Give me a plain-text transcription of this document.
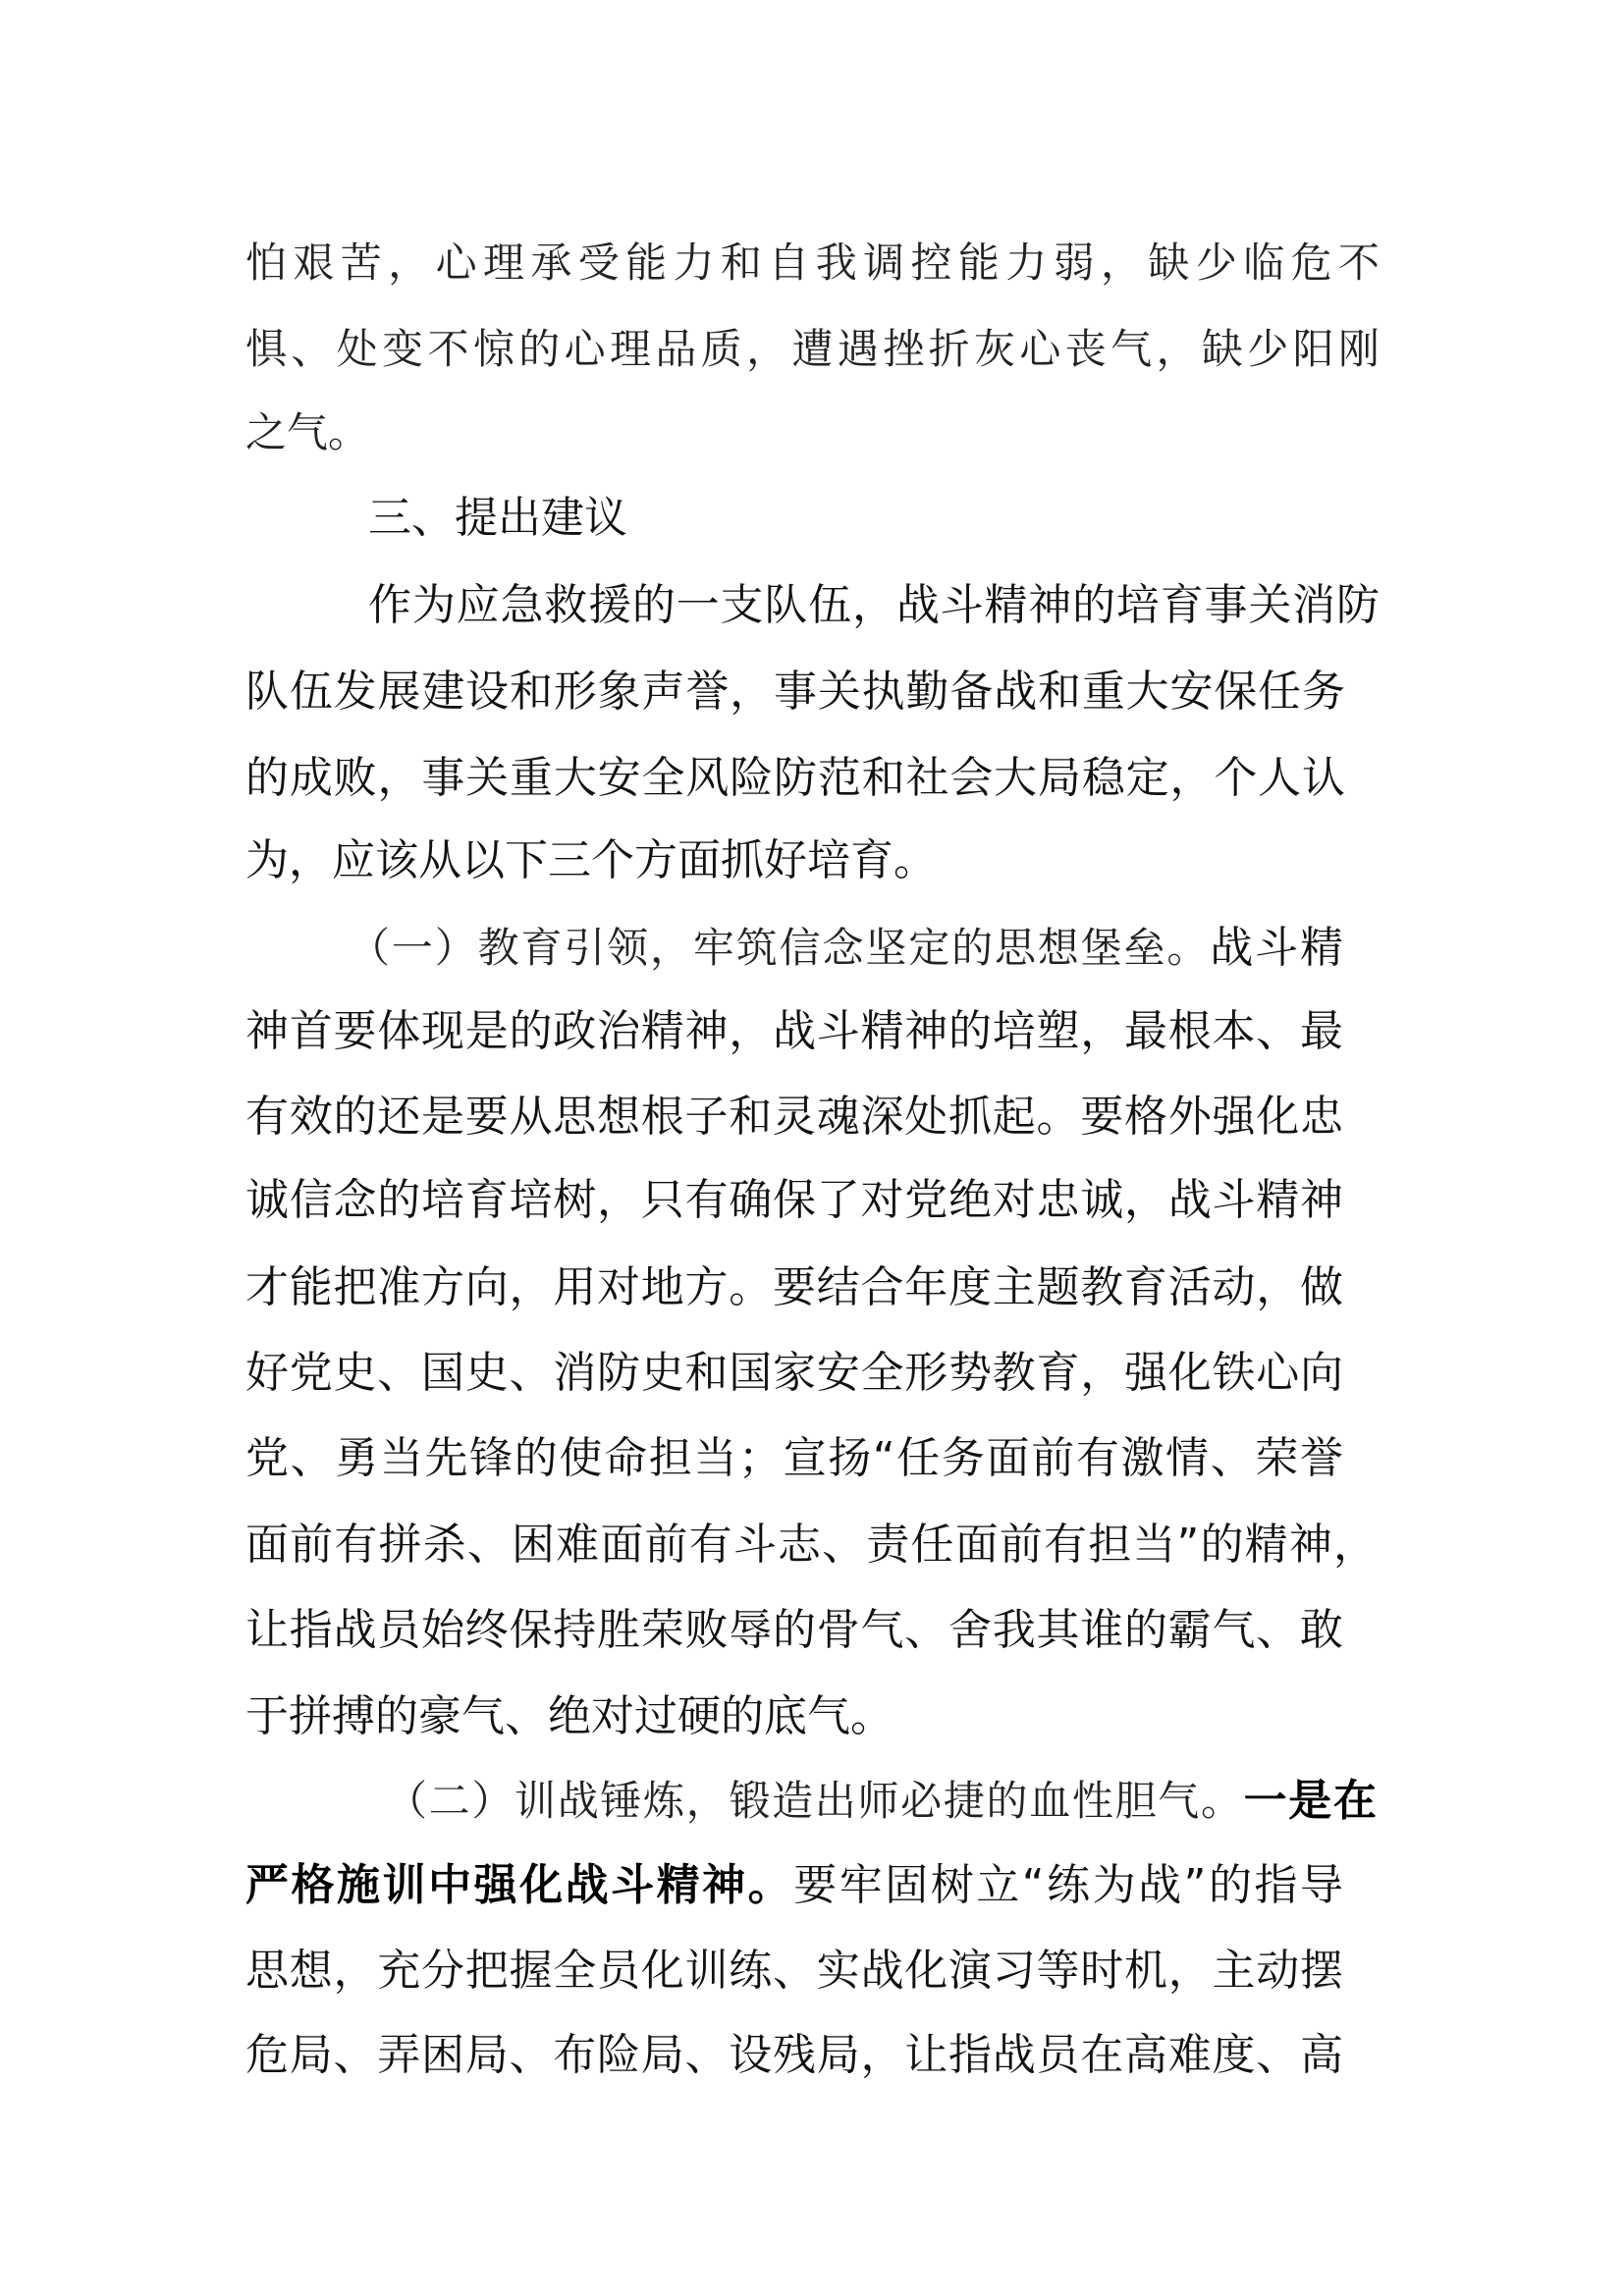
怕艰苦，心理承受能力和自我调控能力弱，缺少临危不
惧、处变不惊的心理品质，遭遇挫折灰心丧气，缺少阳刚
之气。
三、提出建议
作为应急救援的一支队伍，战斗精神的培育事关消防
队伍发展建设和形象声誉，事关执勤备战和重大安保任务
的成败，事关重大安全风险防范和社会大局稳定，个人认
为，应该从以下三个方面抓好培育。
（一）教育引领，牢筑信念坚定的思想堡垒。战斗精
神首要体现是的政治精神，战斗精神的培塑，最根本、最
有效的还是要从思想根子和灵魂深处抓起。要格外强化忠
诚信念的培育培树，只有确保了对党绝对忠诚，战斗精神
才能把准方向，用对地方。要结合年度主题教育活动，做
好党史、国史、消防史和国家安全形势教育，强化铁心向
党、勇当先锋的使命担当；宣扬“任务面前有激情、荣誉
面前有拼杀、困难面前有斗志、责任面前有担当”的精神，
让指战员始终保持胜荣败辱的骨气、舍我其谁的霸气、敢
于拼搏的豪气、绝对过硬的底气。
（二）训战锤炼，锻造出师必捷的血性胆气。一是在
严格施训中强化战斗精神。要牢固树立“练为战”的指导
思想，充分把握全员化训练、实战化演习等时机，主动摆
危局、弄困局、布险局、设残局，让指战员在高难度、高
